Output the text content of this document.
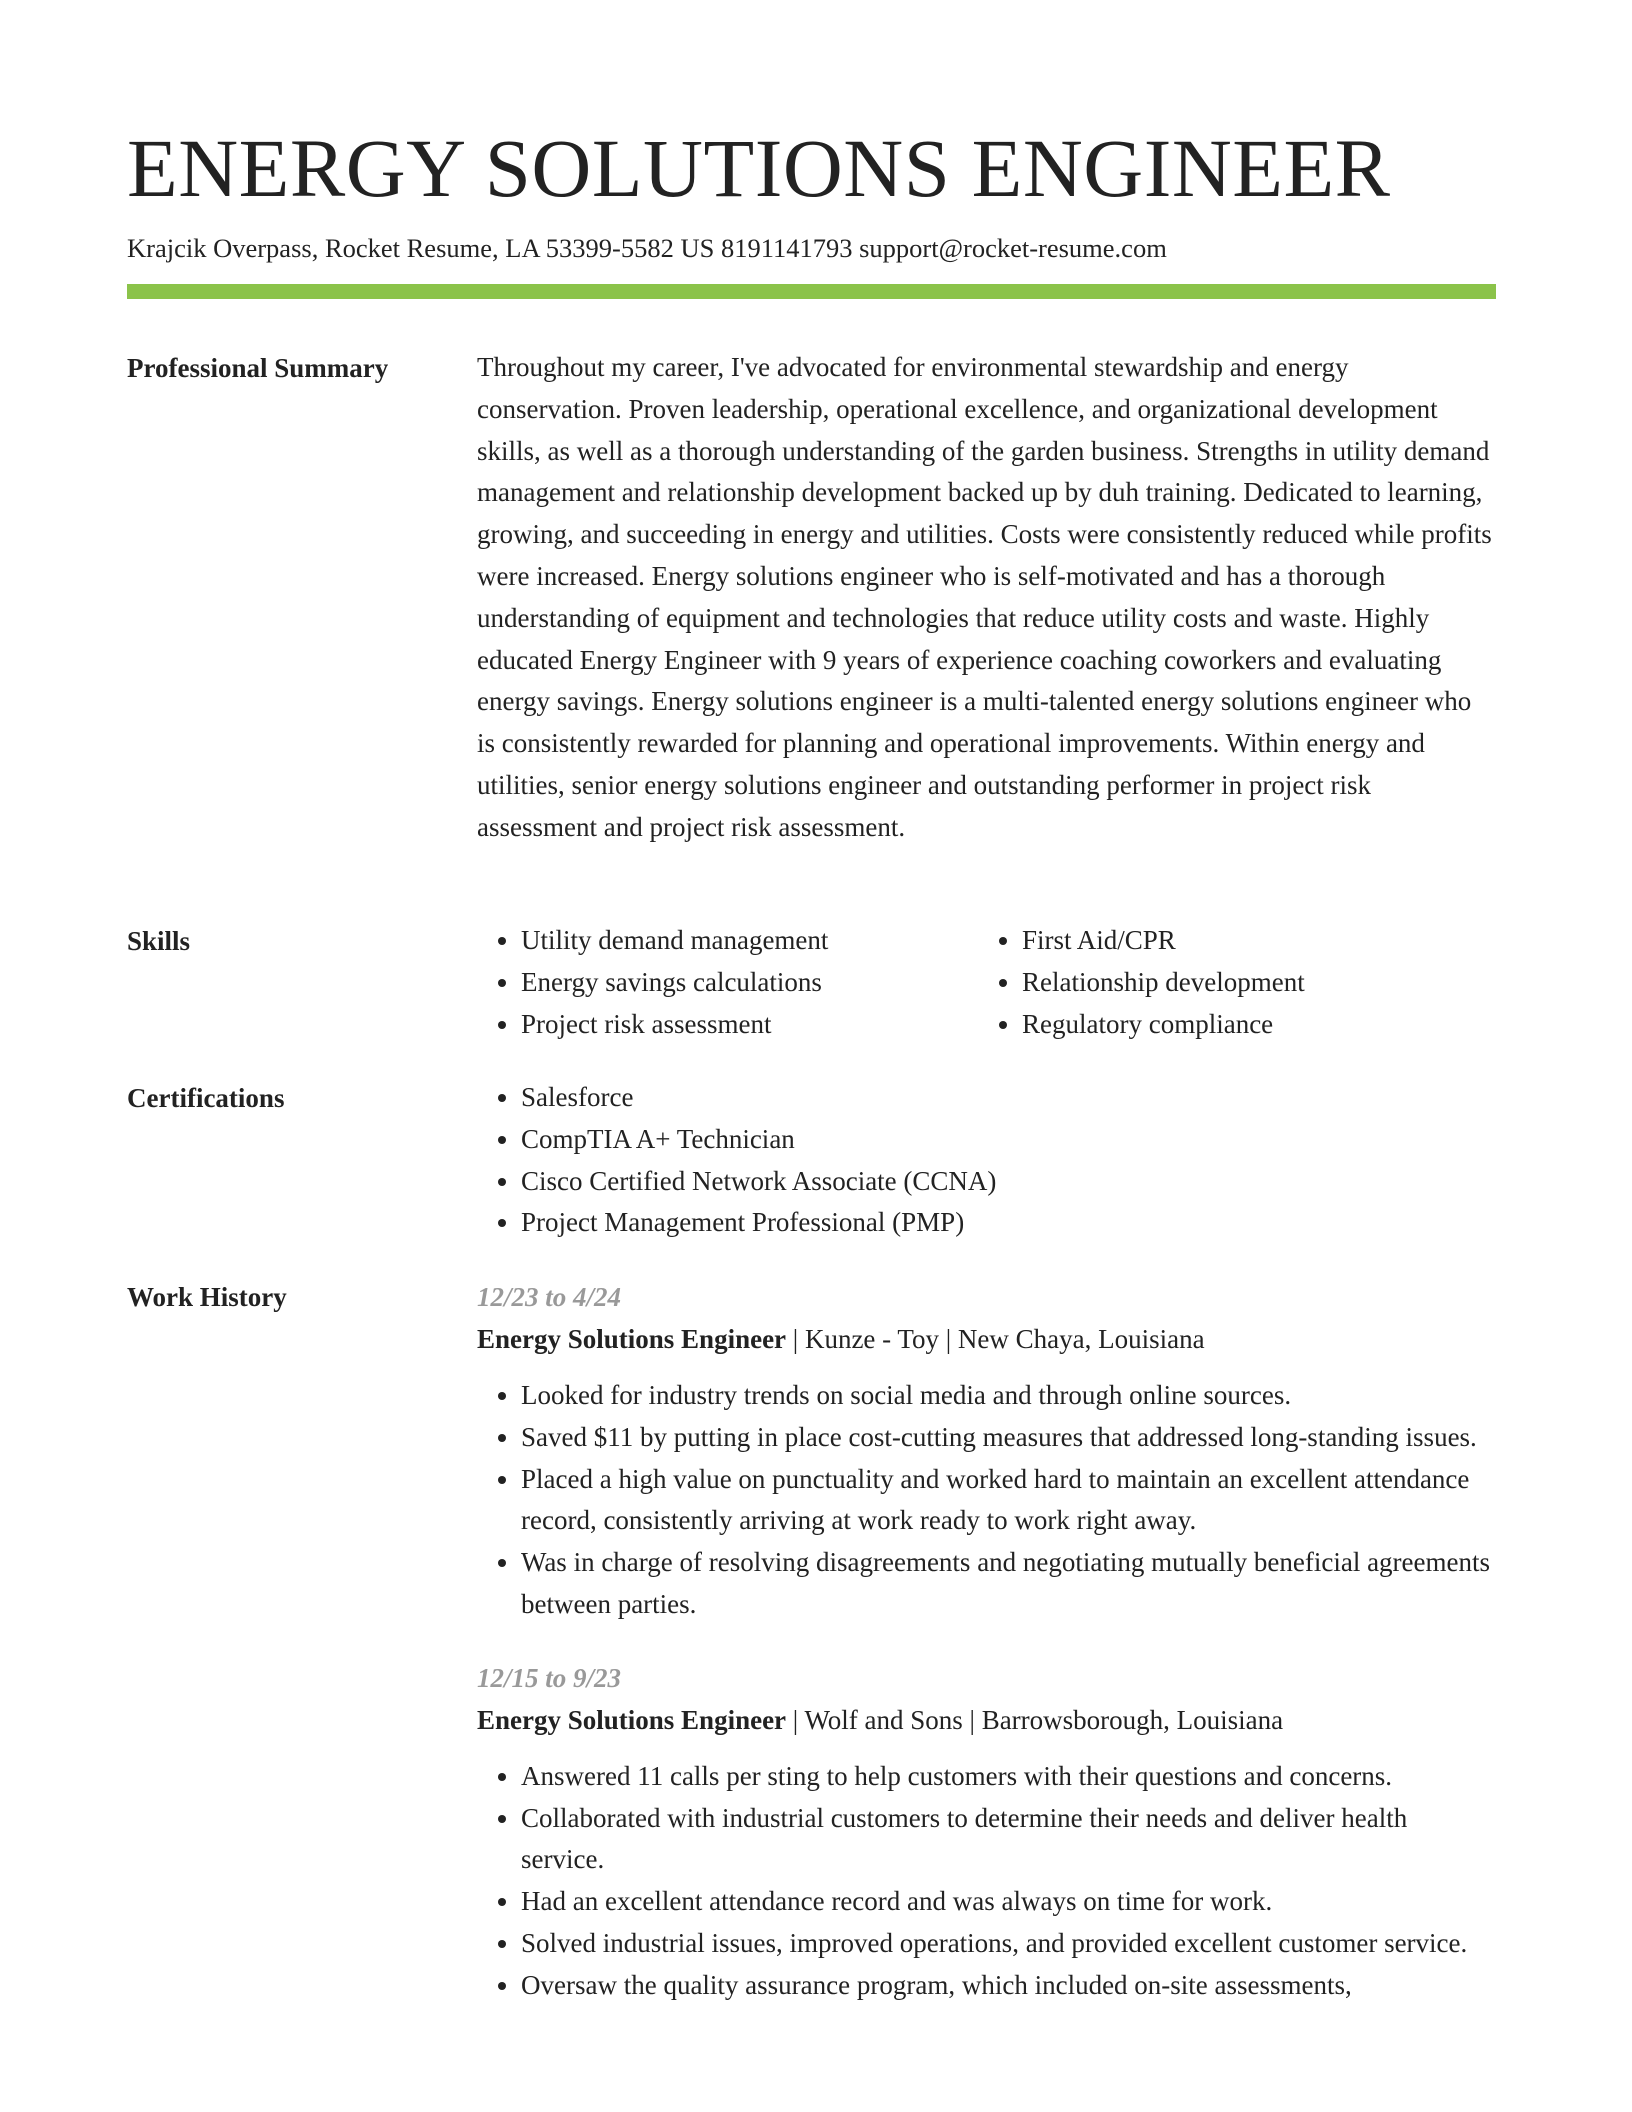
ENERGY SOLUTIONS ENGINEER
Krajcik Overpass, Rocket Resume, LA 53399-5582 US 8191141793 support@rocket-resume.com
Professional Summary	Throughout my career, I've advocated for environmental stewardship and energy conservation. Proven leadership, operational excellence, and organizational development skills, as well as a thorough understanding of the garden business. Strengths in utility demand management and relationship development backed up by duh training. Dedicated to learning, growing, and succeeding in energy and utilities. Costs were consistently reduced while profits were increased. Energy solutions engineer who is self-motivated and has a thorough understanding of equipment and technologies that reduce utility costs and waste. Highly educated Energy Engineer with 9 years of experience coaching coworkers and evaluating energy savings. Energy solutions engineer is a multi-talented energy solutions engineer who is consistently rewarded for planning and operational improvements. Within energy and utilities, senior energy solutions engineer and outstanding performer in project risk assessment and project risk assessment.

Skills	• Utility demand management
• Energy savings calculations
• Project risk assessment
• First Aid/CPR
• Relationship development
• Regulatory compliance
Certifications	• Salesforce
• CompTIA A+ Technician
• Cisco Certified Network Associate (CCNA)
• Project Management Professional (PMP)
Work History	12/23 to 4/24
Energy Solutions Engineer | Kunze - Toy | New Chaya, Louisiana
• Looked for industry trends on social media and through online sources.
• Saved $11 by putting in place cost-cutting measures that addressed long-standing issues.
• Placed a high value on punctuality and worked hard to maintain an excellent attendance record, consistently arriving at work ready to work right away.
• Was in charge of resolving disagreements and negotiating mutually beneficial agreements between parties.
12/15 to 9/23
Energy Solutions Engineer | Wolf and Sons | Barrowsborough, Louisiana
• Answered 11 calls per sting to help customers with their questions and concerns.
• Collaborated with industrial customers to determine their needs and deliver health service.
• Had an excellent attendance record and was always on time for work.
• Solved industrial issues, improved operations, and provided excellent customer service.
• Oversaw the quality assurance program, which included on-site assessments,
